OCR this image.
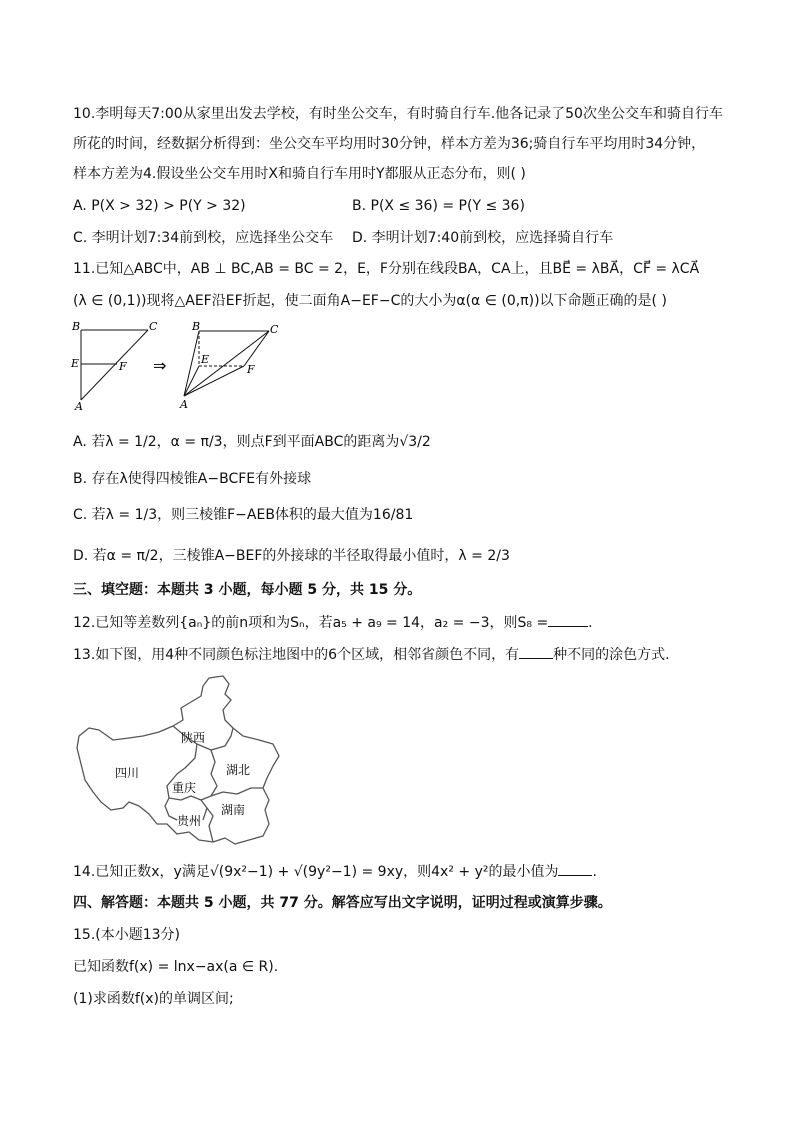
10.李明每天7:00从家里出发去学校，有时坐公交车，有时骑自行车.他各记录了50次坐公交车和骑自行车
所花的时间，经数据分析得到：坐公交车平均用时30分钟，样本方差为36;骑自行车平均用时34分钟，
样本方差为4.假设坐公交车用时X和骑自行车用时Y都服从正态分布，则( )
A. P(X > 32) > P(Y > 32)	B. P(X ≤ 36) = P(Y ≤ 36)
C. 李明计划7:34前到校，应选择坐公交车 D. 李明计划7:40前到校，应选择骑自行车
11.已知△ABC中，AB ⊥ BC,AB = BC = 2，E，F分别在线段BA，CA上，且BE⃗ = λBA⃗，CF⃗ = λCA⃗
(λ ∈ (0,1))现将△AEF沿EF折起，使二面角A−EF−C的大小为α(α ∈ (0,π))以下命题正确的是( )
B	C
E	F
A
⇒
B	C
E
F
A
A. 若λ = 1/2，α = π/3，则点F到平面ABC的距离为√3/2
B. 存在λ使得四棱锥A−BCFE有外接球
C. 若λ = 1/3，则三棱锥F−AEB体积的最大值为16/81
D. 若α = π/2，三棱锥A−BEF的外接球的半径取得最小值时，λ = 2/3
三、填空题：本题共 3 小题，每小题 5 分，共 15 分。
12.已知等差数列{aₙ}的前n项和为Sₙ，若a₅ + a₉ = 14，a₂ = −3，则S₈ =	.
13.如下图，用4种不同颜色标注地图中的6个区域，相邻省颜色不同，有 种不同的涂色方式.
陕西
四川	湖北
重庆
湖南
贵州
14.已知正数x，y满足√(9x²−1) + √(9y²−1) = 9xy，则4x² + y²的最小值为 .
四、解答题：本题共 5 小题，共 77 分。解答应写出文字说明，证明过程或演算步骤。
15.(本小题13分)
已知函数f(x) = lnx−ax(a ∈ R).
(1)求函数f(x)的单调区间;
